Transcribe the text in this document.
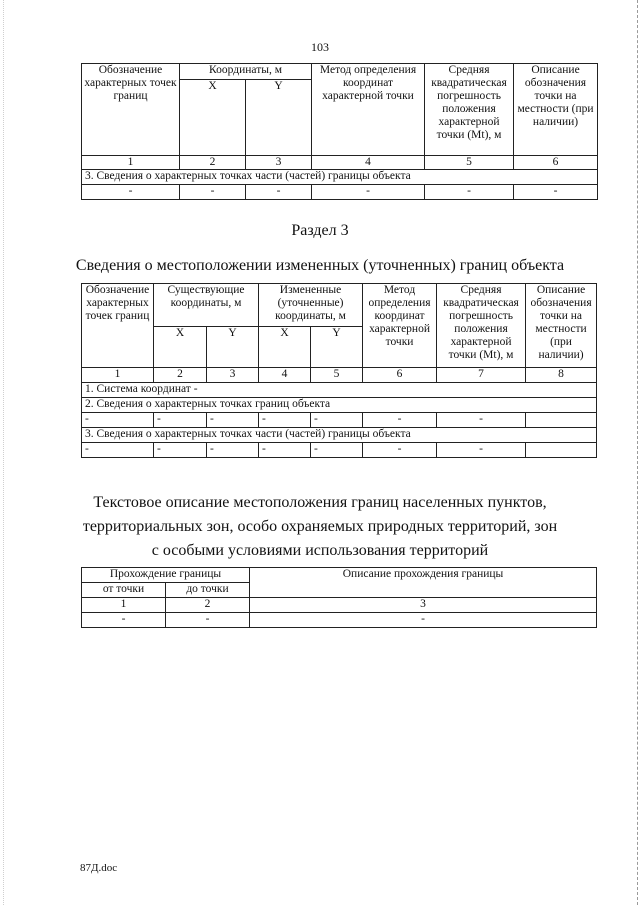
103
Обозначение характерных точек границ	Координаты, м		Метод определения координат характерной точки	Средняя квадратическая погрешность положения характерной точки (Mt), м	Описание обозначения точки на местности (при наличии)
	X	Y			
1	2	3	4	5	6
3. Сведения о характерных точках части (частей) границы объекта					
-	-	-	-	-	-
Раздел 3
Сведения о местоположении измененных (уточненных) границ объекта
Обозначение характерных точек границ	Существующие координаты, м		Измененные (уточненные) координаты, м		Метод определения координат характерной точки	Средняя квадратическая погрешность положения характерной точки (Mt), м	Описание обозначения точки на местности (при наличии)
	X	Y	X	Y			
1	2	3	4	5	6	7	8
1. Система координат -							
2. Сведения о характерных точках границ объекта							
-	-	-	-	-	-	-	
3. Сведения о характерных точках части (частей) границы объекта							
-	-	-	-	-	-	-	
Текстовое описание местоположения границ населенных пунктов,
территориальных зон, особо охраняемых природных территорий, зон
с особыми условиями использования территорий
Прохождение границы		Описание прохождения границы
от точки	до точки	
1	2	3
-	-	-
87Д.doc
